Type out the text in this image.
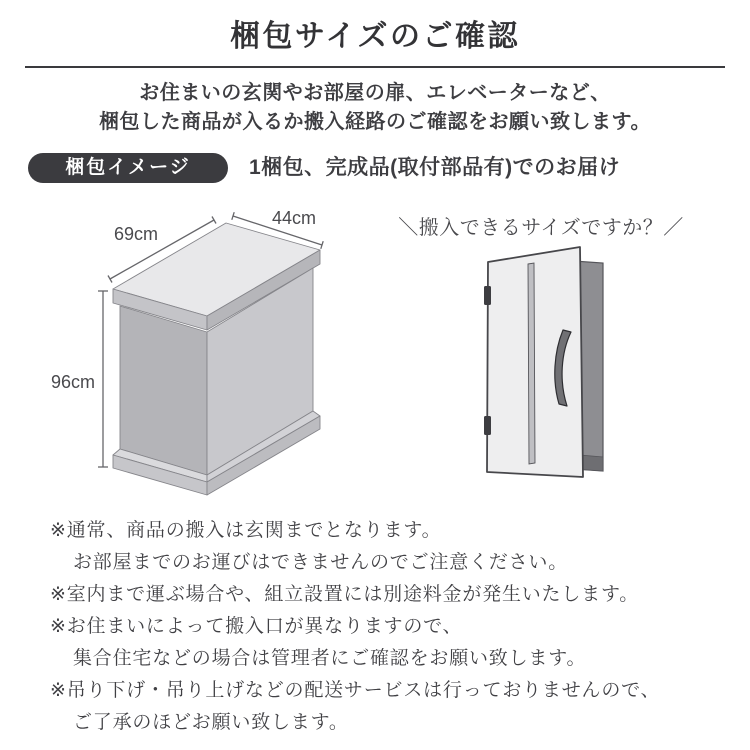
梱包サイズのご確認
お住まいの玄関やお部屋の扉、エレベーターなど、
梱包した商品が入るか搬入経路のご確認をお願い致します。
梱包イメージ	1梱包、完成品(取付部品有)でのお届け
69cm
44cm
96cm
＼搬入できるサイズですか？／
※通常、商品の搬入は玄関までとなります。
お部屋までのお運びはできませんのでご注意ください。
※室内まで運ぶ場合や、組立設置には別途料金が発生いたします。
※お住まいによって搬入口が異なりますので、
集合住宅などの場合は管理者にご確認をお願い致します。
※吊り下げ・吊り上げなどの配送サービスは行っておりませんので、
ご了承のほどお願い致します。
